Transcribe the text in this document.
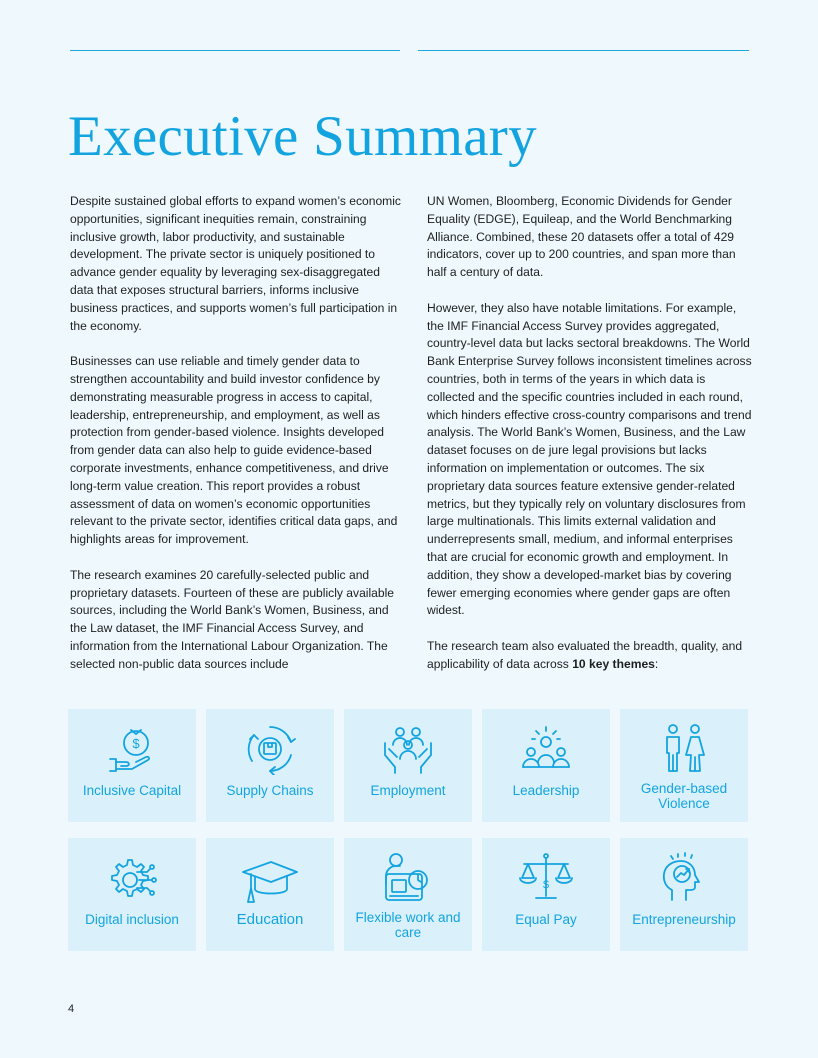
Executive Summary

Despite sustained global efforts to expand women’s economic opportunities, significant inequities remain, constraining inclusive growth, labor productivity, and sustainable development. The private sector is uniquely positioned to advance gender equality by leveraging sex-disaggregated data that exposes structural barriers, informs inclusive business practices, and supports women’s full participation in the economy.

Businesses can use reliable and timely gender data to strengthen accountability and build investor confidence by demonstrating measurable progress in access to capital, leadership, entrepreneurship, and employment, as well as protection from gender-based violence. Insights developed from gender data can also help to guide evidence-based corporate investments, enhance competitiveness, and drive long-term value creation. This report provides a robust assessment of data on women’s economic opportunities relevant to the private sector, identifies critical data gaps, and highlights areas for improvement.

The research examines 20 carefully-selected public and proprietary datasets. Fourteen of these are publicly available sources, including the World Bank’s Women, Business, and the Law dataset, the IMF Financial Access Survey, and information from the International Labour Organization. The selected non-public data sources include

UN Women, Bloomberg, Economic Dividends for Gender Equality (EDGE), Equileap, and the World Benchmarking Alliance. Combined, these 20 datasets offer a total of 429 indicators, cover up to 200 countries, and span more than half a century of data.

However, they also have notable limitations. For example, the IMF Financial Access Survey provides aggregated, country-level data but lacks sectoral breakdowns. The World Bank Enterprise Survey follows inconsistent timelines across countries, both in terms of the years in which data is collected and the specific countries included in each round, which hinders effective cross-country comparisons and trend analysis. The World Bank’s Women, Business, and the Law dataset focuses on de jure legal provisions but lacks information on implementation or outcomes. The six proprietary data sources feature extensive gender-related metrics, but they typically rely on voluntary disclosures from large multinationals. This limits external validation and underrepresents small, medium, and informal enterprises that are crucial for economic growth and employment. In addition, they show a developed-market bias by covering fewer emerging economies where gender gaps are often widest.

The research team also evaluated the breadth, quality, and applicability of data across 10 key themes:

$
Inclusive Capital	Supply Chains	Employment	Leadership	Gender-based Violence
Digital inclusion	Education	Flexible work and care
$
Equal Pay	Entrepreneurship
4
